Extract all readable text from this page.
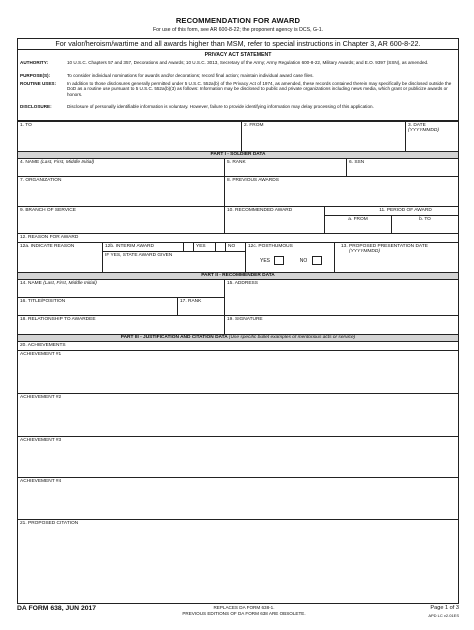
RECOMMENDATION FOR AWARD
For use of this form, see AR 600-8-22; the proponent agency is DCS, G-1.
For valor/heroism/wartime and all awards higher than MSM, refer to special instructions in Chapter 3, AR 600-8-22.
PRIVACY ACT STATEMENT
AUTHORITY:	10 U.S.C. Chapters 57 and 357, Decorations and Awards; 10 U.S.C. 3013, Secretary of the Army; Army Regulation 600-8-22, Military Awards; and E.O. 9397 (SSN), as amended.
PURPOSE(S):	To consider individual nominations for awards and/or decorations; record final action; maintain individual award case files.
ROUTINE USES:	In addition to those disclosures generally permitted under 5 U.S.C. 552a(b) of the Privacy Act of 1974, as amended, these records contained therein may specifically be disclosed outside the DoD as a routine use pursuant to 5 U.S.C. 552a(b)(3) as follows: Information may be disclosed to public and private organizations including news media, which grant or publicize awards or honors.
DISCLOSURE:	Disclosure of personally identifiable information is voluntary. However, failure to provide identifying information may delay processing of this application.
1. TO	2. FROM	3. DATE (YYYYMMDD)
PART I - SOLDIER DATA
4. NAME (Last, First, Middle Initial)	5. RANK	6. SSN
7. ORGANIZATION	8. PREVIOUS AWARDS
9. BRANCH OF SERVICE	10. RECOMMENDED AWARD	11. PERIOD OF AWARD
a. FROM	b. TO
12. REASON FOR AWARD
12a. INDICATE REASON	12b. INTERIM AWARD	YES	NO
IF YES, STATE AWARD GIVEN
12c. POSTHUMOUS
YES	NO
13. PROPOSED PRESENTATION DATE
(YYYYMMDD)
PART II - RECOMMENDER DATA
14. NAME (Last, First, Middle Initial)	15. ADDRESS
16. TITLE/POSITION	17. RANK
18. RELATIONSHIP TO AWARDEE	19. SIGNATURE
PART III - JUSTIFICATION AND CITATION DATA (Use specific bullet examples of meritorious acts or service)
20. ACHIEVEMENTS
ACHIEVEMENT #1
ACHIEVEMENT #2
ACHIEVEMENT #3
ACHIEVEMENT #4
21. PROPOSED CITATION
DA FORM 638, JUN 2017	REPLACES DA FORM 638-1.
PREVIOUS EDITIONS OF DA FORM 638 ARE OBSOLETE.
Page 1 of 3
APD LC v2.01ES
